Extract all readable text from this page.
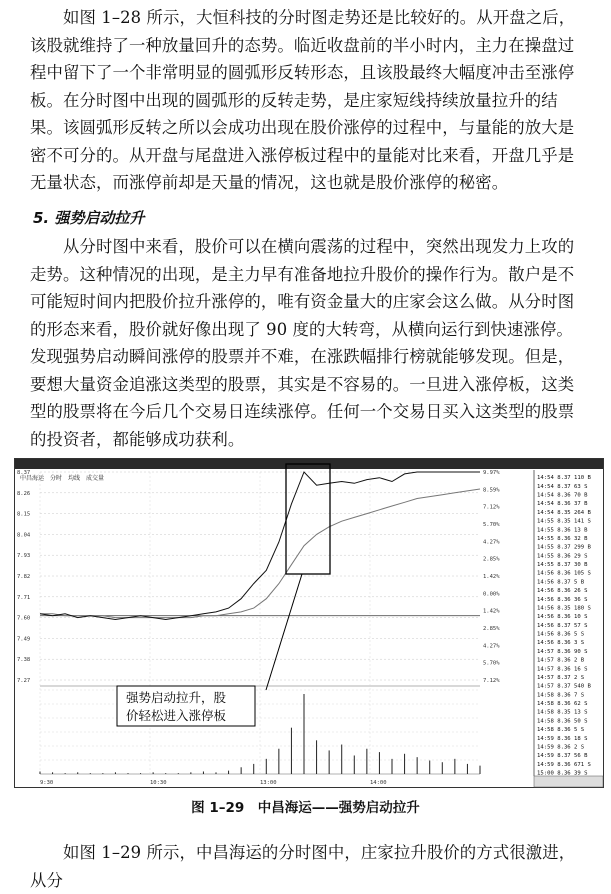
如图 1–28 所示，大恒科技的分时图走势还是比较好的。从开盘之后，该股就维持了一种放量回升的态势。临近收盘前的半小时内，主力在操盘过程中留下了一个非常明显的圆弧形反转形态，且该股最终大幅度冲击至涨停板。在分时图中出现的圆弧形的反转走势，是庄家短线持续放量拉升的结果。该圆弧形反转之所以会成功出现在股价涨停的过程中，与量能的放大是密不可分的。从开盘与尾盘进入涨停板过程中的量能对比来看，开盘几乎是无量状态，而涨停前却是天量的情况，这也就是股价涨停的秘密。

5. 强势启动拉升

从分时图中来看，股价可以在横向震荡的过程中，突然出现发力上攻的走势。这种情况的出现，是主力早有准备地拉升股价的操作行为。散户是不可能短时间内把股价拉升涨停的，唯有资金量大的庄家会这么做。从分时图的形态来看，股价就好像出现了 90 度的大转弯，从横向运行到快速涨停。发现强势启动瞬间涨停的股票并不难，在涨跌幅排行榜就能够发现。但是，要想大量资金追涨这类型的股票，其实是不容易的。一旦进入涨停板，这类型的股票将在今后几个交易日连续涨停。任何一个交易日买入这类型的股票的投资者，都能够成功获利。

中昌海运　分时　均线　成交量
8.37
8.26
8.15
8.04
7.93
7.82
7.71
7.60
7.49
7.38
7.27
9.97%
8.59%
7.12%
5.70%
4.27%
2.85%
1.42%
0.00%
1.42%
2.85%
4.27%
5.70%
7.12%
9:30	10:30	13:00	14:00
强势启动拉升，股
价轻松进入涨停板
14:54 8.37 110 B
14:54 8.37 63 S
14:54 8.36 70 B
14:54 8.36 37 B
14:54 8.35 264 B
14:55 8.35 141 S
14:55 8.36 13 B
14:55 8.36 32 B
14:55 8.37 299 B
14:55 8.36 29 S
14:55 8.37 30 B
14:56 8.36 105 S
14:56 8.37 5 B
14:56 8.36 26 S
14:56 8.36 36 S
14:56 8.35 180 S
14:56 8.36 10 S
14:56 8.37 57 S
14:56 8.36 5 S
14:56 8.36 3 S
14:57 8.36 90 S
14:57 8.36 2 B
14:57 8.36 16 S
14:57 8.37 2 S
14:57 8.37 540 B
14:58 8.36 7 S
14:58 8.36 62 S
14:58 8.35 13 S
14:58 8.36 50 S
14:58 8.36 5 S
14:59 8.36 18 S
14:59 8.36 2 S
14:59 8.37 56 B
14:59 8.36 671 S
15:00 8.36 39 S
图 1–29　中昌海运——强势启动拉升

如图 1–29 所示，中昌海运的分时图中，庄家拉升股价的方式很激进，从分
